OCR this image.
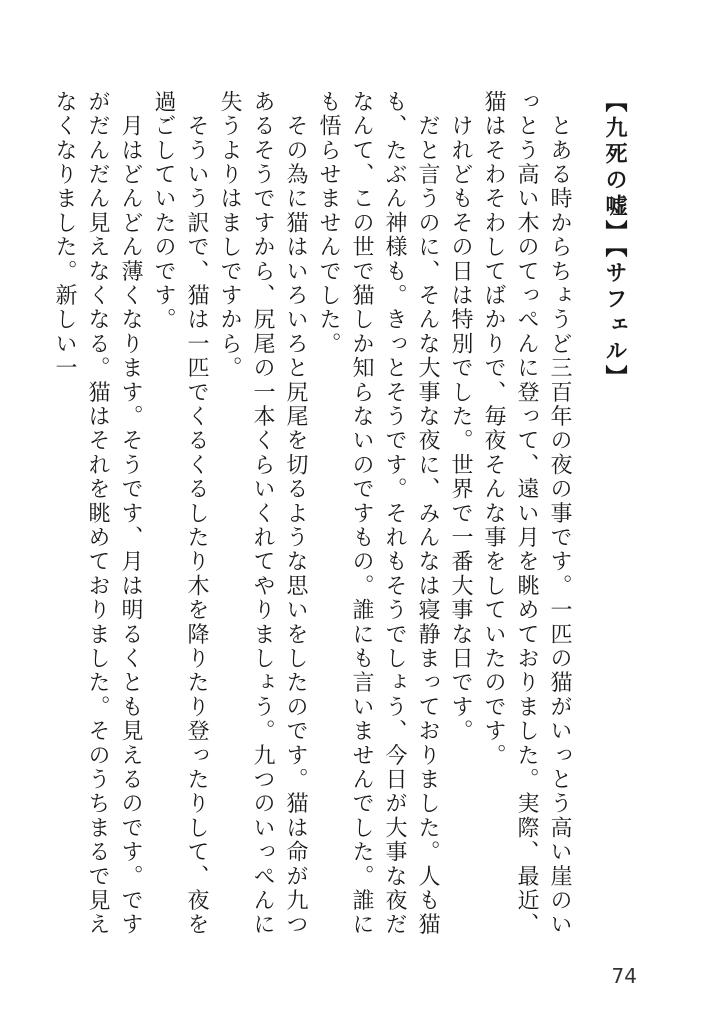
【九死の嘘】【サフェル】

　とある時からちょうど三百年の夜の事です。一匹の猫がいっとう高い崖のいっとう高い木のてっぺんに登って、遠い月を眺めておりました。実際、最近、猫はそわそわしてばかりで、毎夜そんな事をしていたのです。

　けれどもその日は特別でした。世界で一番大事な日です。

　だと言うのに、そんな大事な夜に、みんなは寝静まっておりました。人も猫も、たぶん神様も。きっとそうです。それもそうでしょう、今日が大事な夜だなんて、この世で猫しか知らないのですもの。誰にも言いませんでした。誰にも悟らせませんでした。

　その為に猫はいろいろと尻尾を切るような思いをしたのです。猫は命が九つあるそうですから、尻尾の一本くらいくれてやりましょう。九つのいっぺんに失うよりはましですから。

　そういう訳で、猫は一匹でくるくるしたり木を降りたり登ったりして、夜を過ごしていたのです。

　月はどんどん薄くなります。そうです、月は明るくとも見えるのです。ですがだんだん見えなくなる。猫はそれを眺めておりました。そのうちまるで見えなくなりました。新しい一

74
